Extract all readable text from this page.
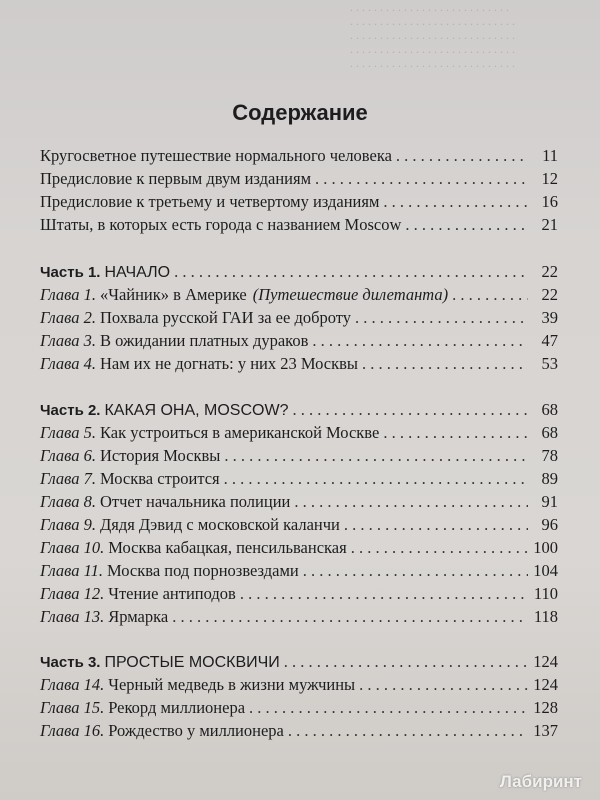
. . . . . . . . . . . . . . . . . . . . . . . . . . .
. . . . . . . . . . . . . . . . . . . . . . . . . . . .
. . . . . . . . . . . . . . . . . . . . . . . . . . . .
. . . . . . . . . . . . . . . . . . . . . . . . . . . .
. . . . . . . . . . . . . . . . . . . . . . . . . . . .
Содержание
Кругосветное путешествие нормального человека . . .	11
Предисловие к первым двум изданиям . . .	12
Предисловие к третьему и четвертому изданиям . . .	16
Штаты, в которых есть города с названием Moscow . . .	21
Часть 1. НАЧАЛО . . .	22
Глава 1. «Чайник» в Америке (Путешествие дилетанта) . . .	22
Глава 2. Похвала русской ГАИ за ее доброту . . .	39
Глава 3. В ожидании платных дураков . . .	47
Глава 4. Нам их не догнать: у них 23 Москвы . . .	53
Часть 2. КАКАЯ ОНА, MOSCOW? . . .	68
Глава 5. Как устроиться в американской Москве . . .	68
Глава 6. История Москвы . . .	78
Глава 7. Москва строится . . .	89
Глава 8. Отчет начальника полиции . . .	91
Глава 9. Дядя Дэвид с московской каланчи . . .	96
Глава 10. Москва кабацкая, пенсильванская . . .	100
Глава 11. Москва под порнозвездами . . .	104
Глава 12. Чтение антиподов . . .	110
Глава 13. Ярмарка . . .	118
Часть 3. ПРОСТЫЕ МОСКВИЧИ . . .	124
Глава 14. Черный медведь в жизни мужчины . . .	124
Глава 15. Рекорд миллионера . . .	128
Глава 16. Рождество у миллионера . . .	137
Лабиринт
